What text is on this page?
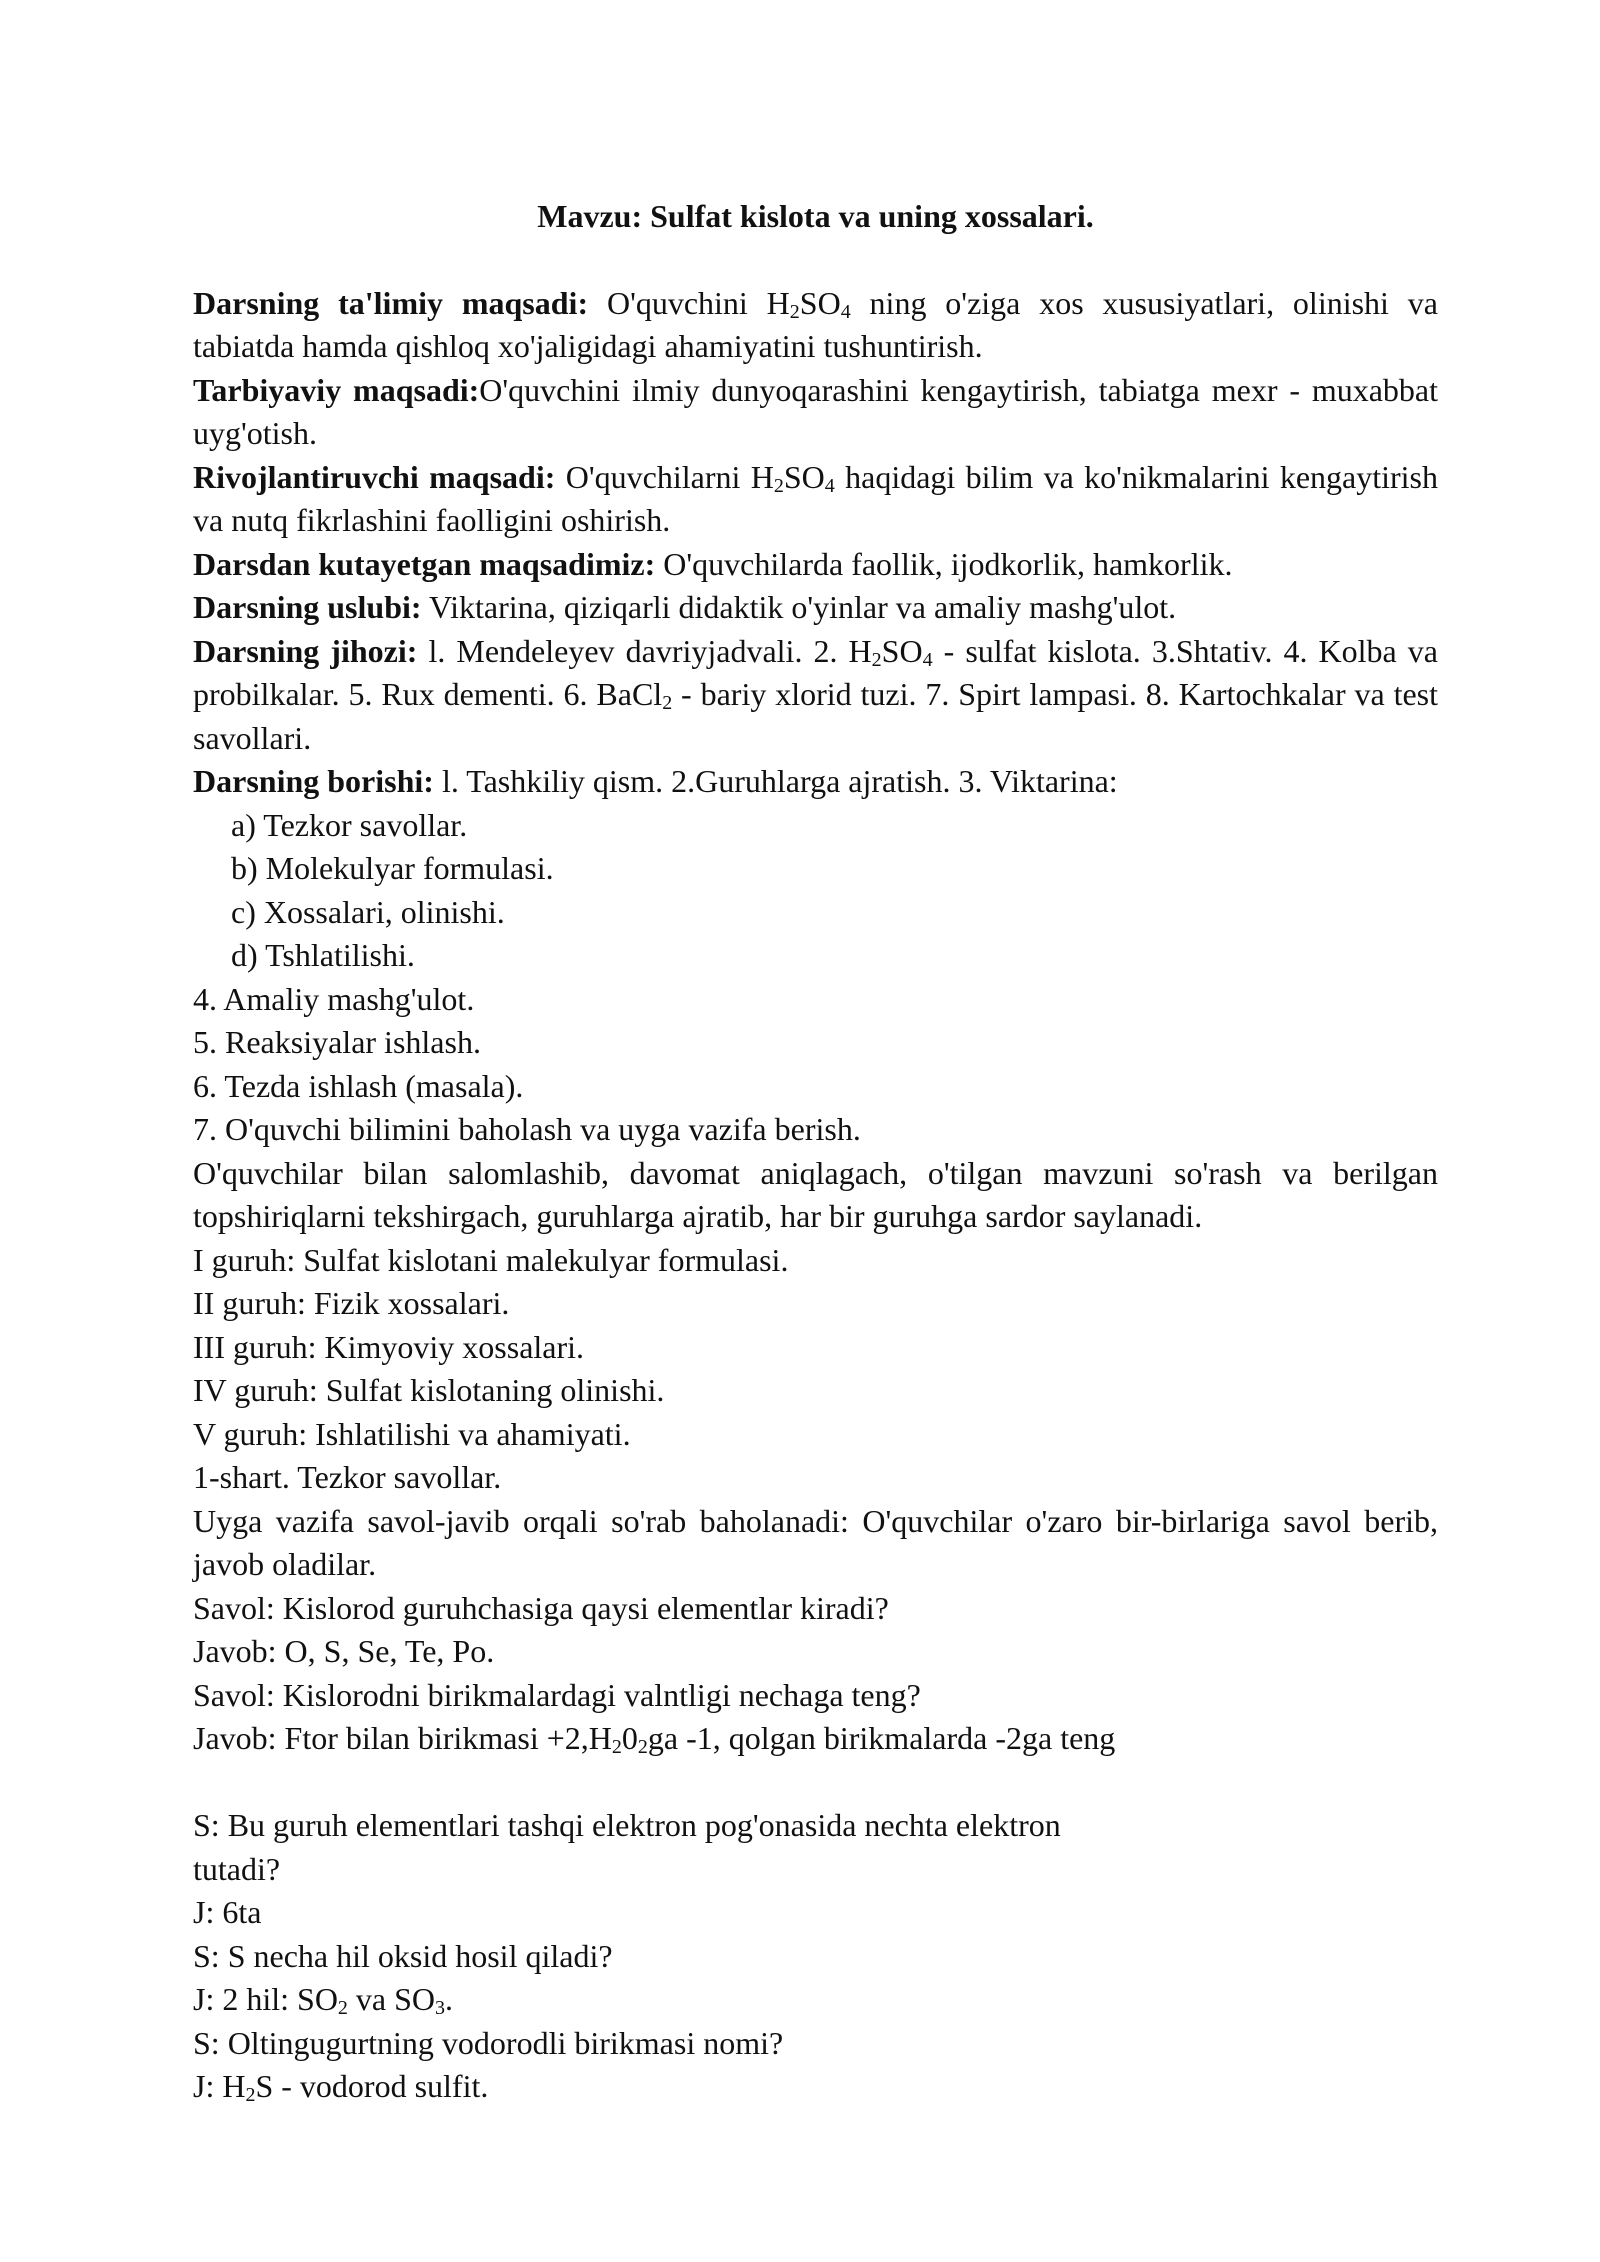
Mavzu: Sulfat kislota va uning xossalari.

Darsning ta'limiy maqsadi: O'quvchini $H_2SO_4$ ning o'ziga xos xususiyatlari, olinishi va tabiatda hamda qishloq xo'jaligidagi ahamiyatini tushuntirish.

Tarbiyaviy maqsadi:O'quvchini ilmiy dunyoqarashini kengaytirish, tabiatga mexr - muxabbat uyg'otish.

Rivojlantiruvchi maqsadi: O'quvchilarni $H_2SO_4$ haqidagi bilim va ko'nikmalarini kengaytirish va nutq fikrlashini faolligini oshirish.

Darsdan kutayetgan maqsadimiz: O'quvchilarda faollik, ijodkorlik, hamkorlik.

Darsning uslubi: Viktarina, qiziqarli didaktik o'yinlar va amaliy mashg'ulot.

Darsning jihozi: l. Mendeleyev davriyjadvali. 2. $H_2SO_4$ - sulfat kislota. 3.Shtativ. 4. Kolba va probilkalar. 5. Rux dementi. 6. BaCl$_2$ - bariy xlorid tuzi. 7. Spirt lampasi. 8. Kartochkalar va test savollari.

Darsning borishi: l. Tashkiliy qism. 2.Guruhlarga ajratish. 3. Viktarina:

a) Tezkor savollar.

b) Molekulyar formulasi.

c) Xossalari, olinishi.

d) Tshlatilishi.

4. Amaliy mashg'ulot.

5. Reaksiyalar ishlash.

6. Tezda ishlash (masala).

7. O'quvchi bilimini baholash va uyga vazifa berish.

O'quvchilar bilan salomlashib, davomat aniqlagach, o'tilgan mavzuni so'rash va berilgan topshiriqlarni tekshirgach, guruhlarga ajratib, har bir guruhga sardor saylanadi.

I guruh: Sulfat kislotani malekulyar formulasi.

II guruh: Fizik xossalari.

III guruh: Kimyoviy xossalari.

IV guruh: Sulfat kislotaning olinishi.

V guruh: Ishlatilishi va ahamiyati.

1-shart. Tezkor savollar.

Uyga vazifa savol-javib orqali so'rab baholanadi: O'quvchilar o'zaro bir-birlariga savol berib, javob oladilar.

Savol: Kislorod guruhchasiga qaysi elementlar kiradi?

Javob: O, S, Se, Te, Po.

Savol: Kislorodni birikmalardagi valntligi nechaga teng?

Javob: Ftor bilan birikmasi $+2,H_20_2ga$ -1, qolgan birikmalarda -2ga teng

S: Bu guruh elementlari tashqi elektron pog'onasida nechta elektron

tutadi?

J: 6ta

S: S necha hil oksid hosil qiladi?

J: 2 hil: $SO_2$ va $SO_3$.

S: Oltingugurtning vodorodli birikmasi nomi?

J: $H_2S$ - vodorod sulfit.
